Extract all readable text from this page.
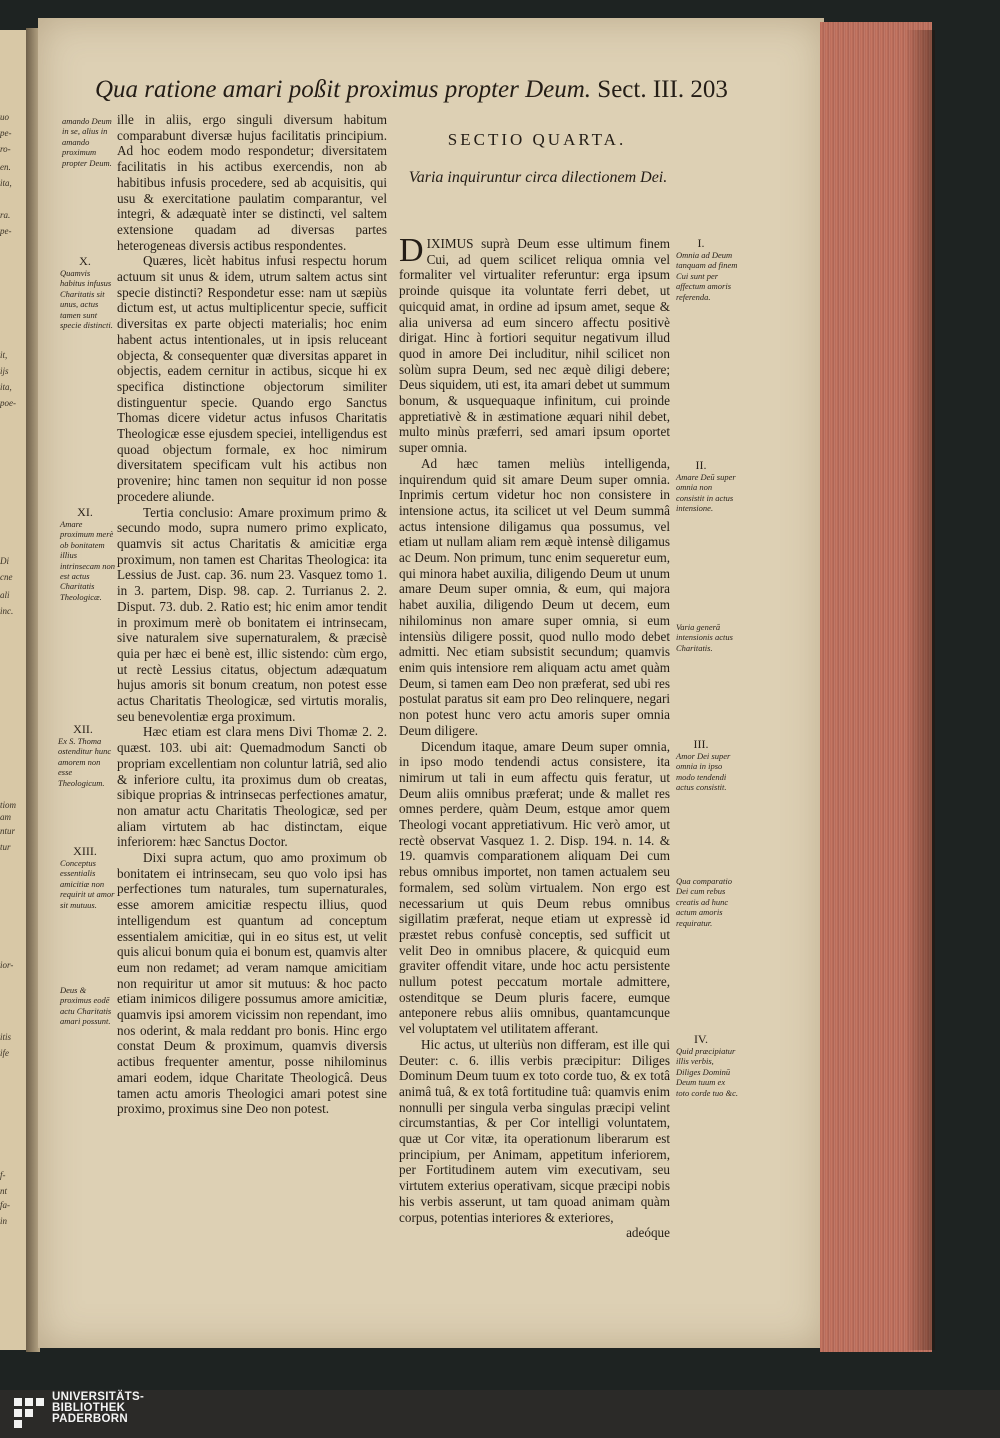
uo
pe-
ro-
en.
ita,
ra.
pe-
it,
ijs
ita,
poe-
Di
cne
ali
inc.
tiom
am
ntur
tur
ior-
itis
ife
f-
nt
fa-
in
Qua ratione amari poßit proximus propter Deum. Sect. III. 203

ille in aliis, ergo singuli diversum habitum comparabunt diversæ hujus facilitatis principium. Ad hoc eodem modo respondetur; diversitatem facilitatis in his actibus exercendis, non ab habitibus infusis procedere, sed ab acquisitis, qui usu & exercitatione paulatim comparantur, vel integri, & adæquatè inter se distincti, vel saltem extensione quadam ad diversas partes heterogeneas diversis actibus respondentes.

Quæres, licèt habitus infusi respectu horum actuum sit unus & idem, utrum saltem actus sint specie distincti? Respondetur esse: nam ut sæpiùs dictum est, ut actus multiplicentur specie, sufficit diversitas ex parte objecti materialis; hoc enim habent actus intentionales, ut in ipsis reluceant objecta, & consequenter quæ diversitas apparet in objectis, eadem cernitur in actibus, sicque hi ex specifica distinctione objectorum similiter distinguentur specie. Quando ergo Sanctus Thomas dicere videtur actus infusos Charitatis Theologicæ esse ejusdem speciei, intelligendus est quoad objectum formale, ex hoc nimirum diversitatem specificam vult his actibus non provenire; hinc tamen non sequitur id non posse procedere aliunde.

Tertia conclusio: Amare proximum primo & secundo modo, supra numero primo explicato, quamvis sit actus Charitatis & amicitiæ erga proximum, non tamen est Charitas Theologica: ita Lessius de Just. cap. 36. num 23. Vasquez tomo 1. in 3. partem, Disp. 98. cap. 2. Turrianus 2. 2. Disput. 73. dub. 2. Ratio est; hic enim amor tendit in proximum merè ob bonitatem ei intrinsecam, sive naturalem sive supernaturalem, & præcisè quia per hæc ei benè est, illic sistendo: cùm ergo, ut rectè Lessius citatus, objectum adæquatum hujus amoris sit bonum creatum, non potest esse actus Charitatis Theologicæ, sed virtutis moralis, seu benevolentiæ erga proximum.

Hæc etiam est clara mens Divi Thomæ 2. 2. quæst. 103. ubi ait: Quemadmodum Sancti ob propriam excellentiam non coluntur latriâ, sed alio & inferiore cultu, ita proximus dum ob creatas, sibique proprias & intrinsecas perfectiones amatur, non amatur actu Charitatis Theologicæ, sed per aliam virtutem ab hac distinctam, eique inferiorem: hæc Sanctus Doctor.

Dixi supra actum, quo amo proximum ob bonitatem ei intrinsecam, seu quo volo ipsi has perfectiones tum naturales, tum supernaturales, esse amorem amicitiæ respectu illius, quod intelligendum est quantum ad conceptum essentialem amicitiæ, qui in eo situs est, ut velit quis alicui bonum quia ei bonum est, quamvis alter eum non redamet; ad veram namque amicitiam non requiritur ut amor sit mutuus: & hoc pacto etiam inimicos diligere possumus amore amicitiæ, quamvis ipsi amorem vicissim non rependant, imo nos oderint, & mala reddant pro bonis. Hinc ergo constat Deum & proximum, quamvis diversis actibus frequenter amentur, posse nihilominus amari eodem, idque Charitate Theologicâ. Deus tamen actu amoris Theologici amari potest sine proximo, proximus sine Deo non potest.

amando Deum in se, alius in amando proximum propter Deum.
X.
Quamvis habitus infusus Charitatis sit unus, actus tamen sunt specie distincti.
XI.
Amare proximum merè ob bonitatem illius intrinsecam non est actus Charitatis Theologicæ.
XII.
Ex S. Thoma ostenditur hunc amorem non esse Theologicum.
XIII.
Conceptus essentialis amicitiæ non requirit ut amor sit mutuus.
Deus & proximus eodē actu Charitatis amari possunt.
SECTIO QUARTA.
Varia inquiruntur circa dilectionem Dei.

DIXIMUS suprà Deum esse ultimum finem Cui, ad quem scilicet reliqua omnia vel formaliter vel virtualiter referuntur: erga ipsum proinde quisque ita voluntate ferri debet, ut quicquid amat, in ordine ad ipsum amet, seque & alia universa ad eum sincero affectu positivè dirigat. Hinc à fortiori sequitur negativum illud quod in amore Dei includitur, nihil scilicet non solùm supra Deum, sed nec æquè diligi debere; Deus siquidem, uti est, ita amari debet ut summum bonum, & usquequaque infinitum, cui proinde appretiativè & in æstimatione æquari nihil debet, multo minùs præferri, sed amari ipsum oportet super omnia.

Ad hæc tamen meliùs intelligenda, inquirendum quid sit amare Deum super omnia. Inprimis certum videtur hoc non consistere in intensione actus, ita scilicet ut vel Deum summâ actus intensione diligamus qua possumus, vel etiam ut nullam aliam rem æquè intensè diligamus ac Deum. Non primum, tunc enim sequeretur eum, qui minora habet auxilia, diligendo Deum ut unum amare Deum super omnia, & eum, qui majora habet auxilia, diligendo Deum ut decem, eum nihilominus non amare super omnia, si eum intensiùs diligere possit, quod nullo modo debet admitti. Nec etiam subsistit secundum; quamvis enim quis intensiore rem aliquam actu amet quàm Deum, si tamen eam Deo non præferat, sed ubi res postulat paratus sit eam pro Deo relinquere, negari non potest hunc vero actu amoris super omnia Deum diligere.

Dicendum itaque, amare Deum super omnia, in ipso modo tendendi actus consistere, ita nimirum ut tali in eum affectu quis feratur, ut Deum aliis omnibus præferat; unde & mallet res omnes perdere, quàm Deum, estque amor quem Theologi vocant appretiativum. Hic verò amor, ut rectè observat Vasquez 1. 2. Disp. 194. n. 14. & 19. quamvis comparationem aliquam Dei cum rebus omnibus importet, non tamen actualem seu formalem, sed solùm virtualem. Non ergo est necessarium ut quis Deum rebus omnibus sigillatim præferat, neque etiam ut expressè id præstet rebus confusè conceptis, sed sufficit ut velit Deo in omnibus placere, & quicquid eum graviter offendit vitare, unde hoc actu persistente nullum potest peccatum mortale admittere, ostenditque se Deum pluris facere, eumque anteponere rebus aliis omnibus, quantamcunque vel voluptatem vel utilitatem afferant.

Hic actus, ut ulteriùs non differam, est ille qui Deuter: c. 6. illis verbis præcipitur: Diliges Dominum Deum tuum ex toto corde tuo, & ex totâ animâ tuâ, & ex totâ fortitudine tuâ: quamvis enim nonnulli per singula verba singulas præcipi velint circumstantias, & per Cor intelligi voluntatem, quæ ut Cor vitæ, ita operationum liberarum est principium, per Animam, appetitum inferiorem, per Fortitudinem autem vim executivam, seu virtutem exterius operativam, sicque præcipi nobis his verbis asserunt, ut tam quoad animam quàm corpus, potentias interiores & exteriores,

adeóque

I.
Omnia ad Deum tanquam ad finem Cui sunt per affectum amoris referenda.
II.
Amare Deū super omnia non consistit in actus intensione.
Varia generā intensionis actus Charitatis.
III.
Amor Dei super omnia in ipso modo tendendi actus consistit.
Qua comparatio Dei cum rebus creatis ad hunc actum amoris requiratur.
IV.
Quid præcipiatur illis verbis, Diliges Dominū Deum tuum ex toto corde tuo &c.
UNIVERSITÄTS-
BIBLIOTHEK
PADERBORN
